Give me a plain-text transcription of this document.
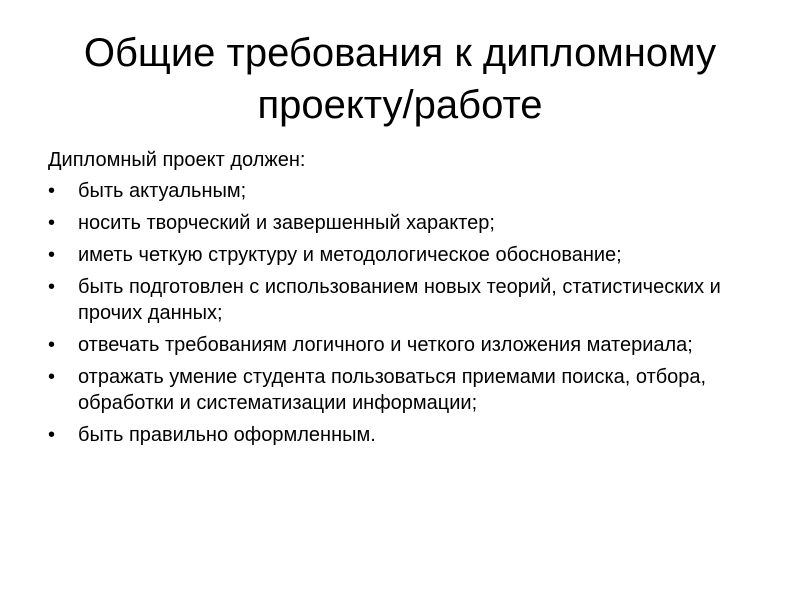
Общие требования к дипломному проекту/работе

Дипломный проект должен:

• быть актуальным;
• носить творческий и завершенный характер;
• иметь четкую структуру и методологическое обоснование;
• быть подготовлен с использованием новых теорий, статистических и прочих данных;
• отвечать требованиям логичного и четкого изложения материала;
• отражать умение студента пользоваться приемами поиска, отбора, обработки и систематизации информации;
• быть правильно оформленным.
